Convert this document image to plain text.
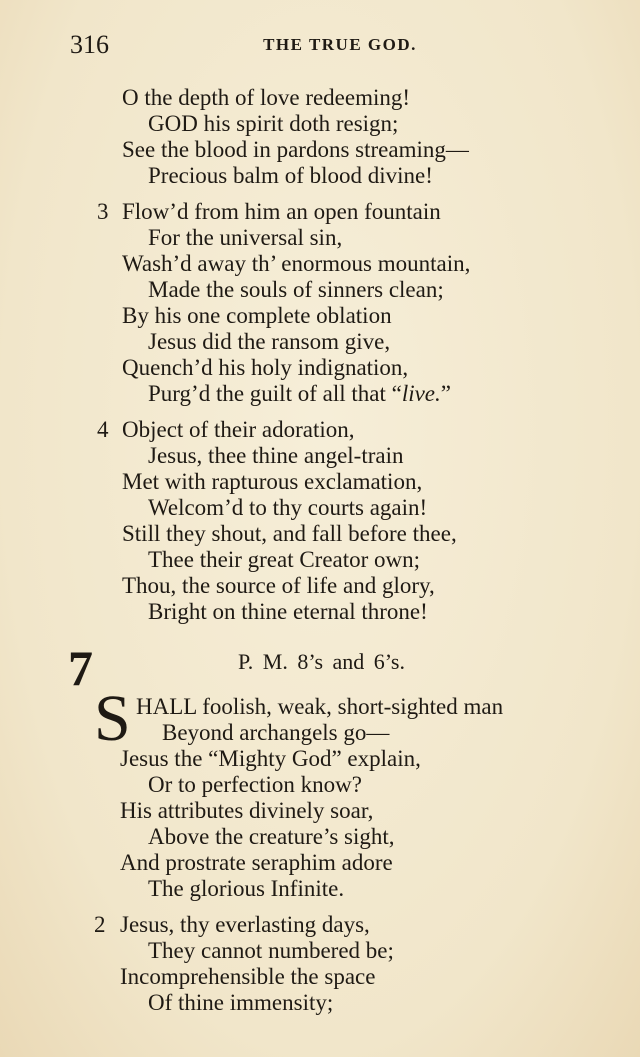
316	THE TRUE GOD.
O the depth of love redeeming!
GOD his spirit doth resign;
See the blood in pardons streaming—
Precious balm of blood divine!
3 Flow’d from him an open fountain
For the universal sin,
Wash’d away th’ enormous mountain,
Made the souls of sinners clean;
By his one complete oblation
Jesus did the ransom give,
Quench’d his holy indignation,
Purg’d the guilt of all that “live.”
4 Object of their adoration,
Jesus, thee thine angel-train
Met with rapturous exclamation,
Welcom’d to thy courts again!
Still they shout, and fall before thee,
Thee their great Creator own;
Thou, the source of life and glory,
Bright on thine eternal throne!
7	P. M. 8’s and 6’s.
S HALL foolish, weak, short-sighted man
Beyond archangels go—
Jesus the “Mighty God” explain,
Or to perfection know?
His attributes divinely soar,
Above the creature’s sight,
And prostrate seraphim adore
The glorious Infinite.
2 Jesus, thy everlasting days,
They cannot numbered be;
Incomprehensible the space
Of thine immensity;
